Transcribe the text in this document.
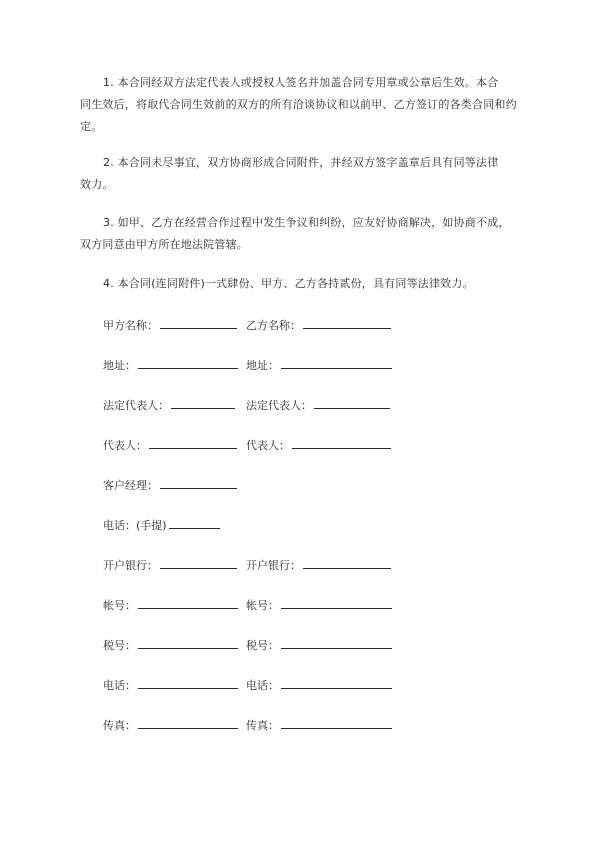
1. 本合同经双方法定代表人或授权人签名并加盖合同专用章或公章后生效。本合
同生效后，将取代合同生效前的双方的所有洽谈协议和以前甲、乙方签订的各类合同和约定。

2. 本合同未尽事宜，双方协商形成合同附件，并经双方签字盖章后具有同等法律
效力。

3. 如甲、乙方在经营合作过程中发生争议和纠纷，应友好协商解决，如协商不成，
双方同意由甲方所在地法院管辖。

4. 本合同(连同附件)一式肆份、甲方、乙方各持贰份，具有同等法律效力。

甲方名称：	乙方名称：
地址：	地址：
法定代表人：	法定代表人：
代表人：	代表人：
客户经理：
电话：(手提)
开户银行：	开户银行：
帐号：	帐号：
税号：	税号：
电话：	电话：
传真：	传真：
